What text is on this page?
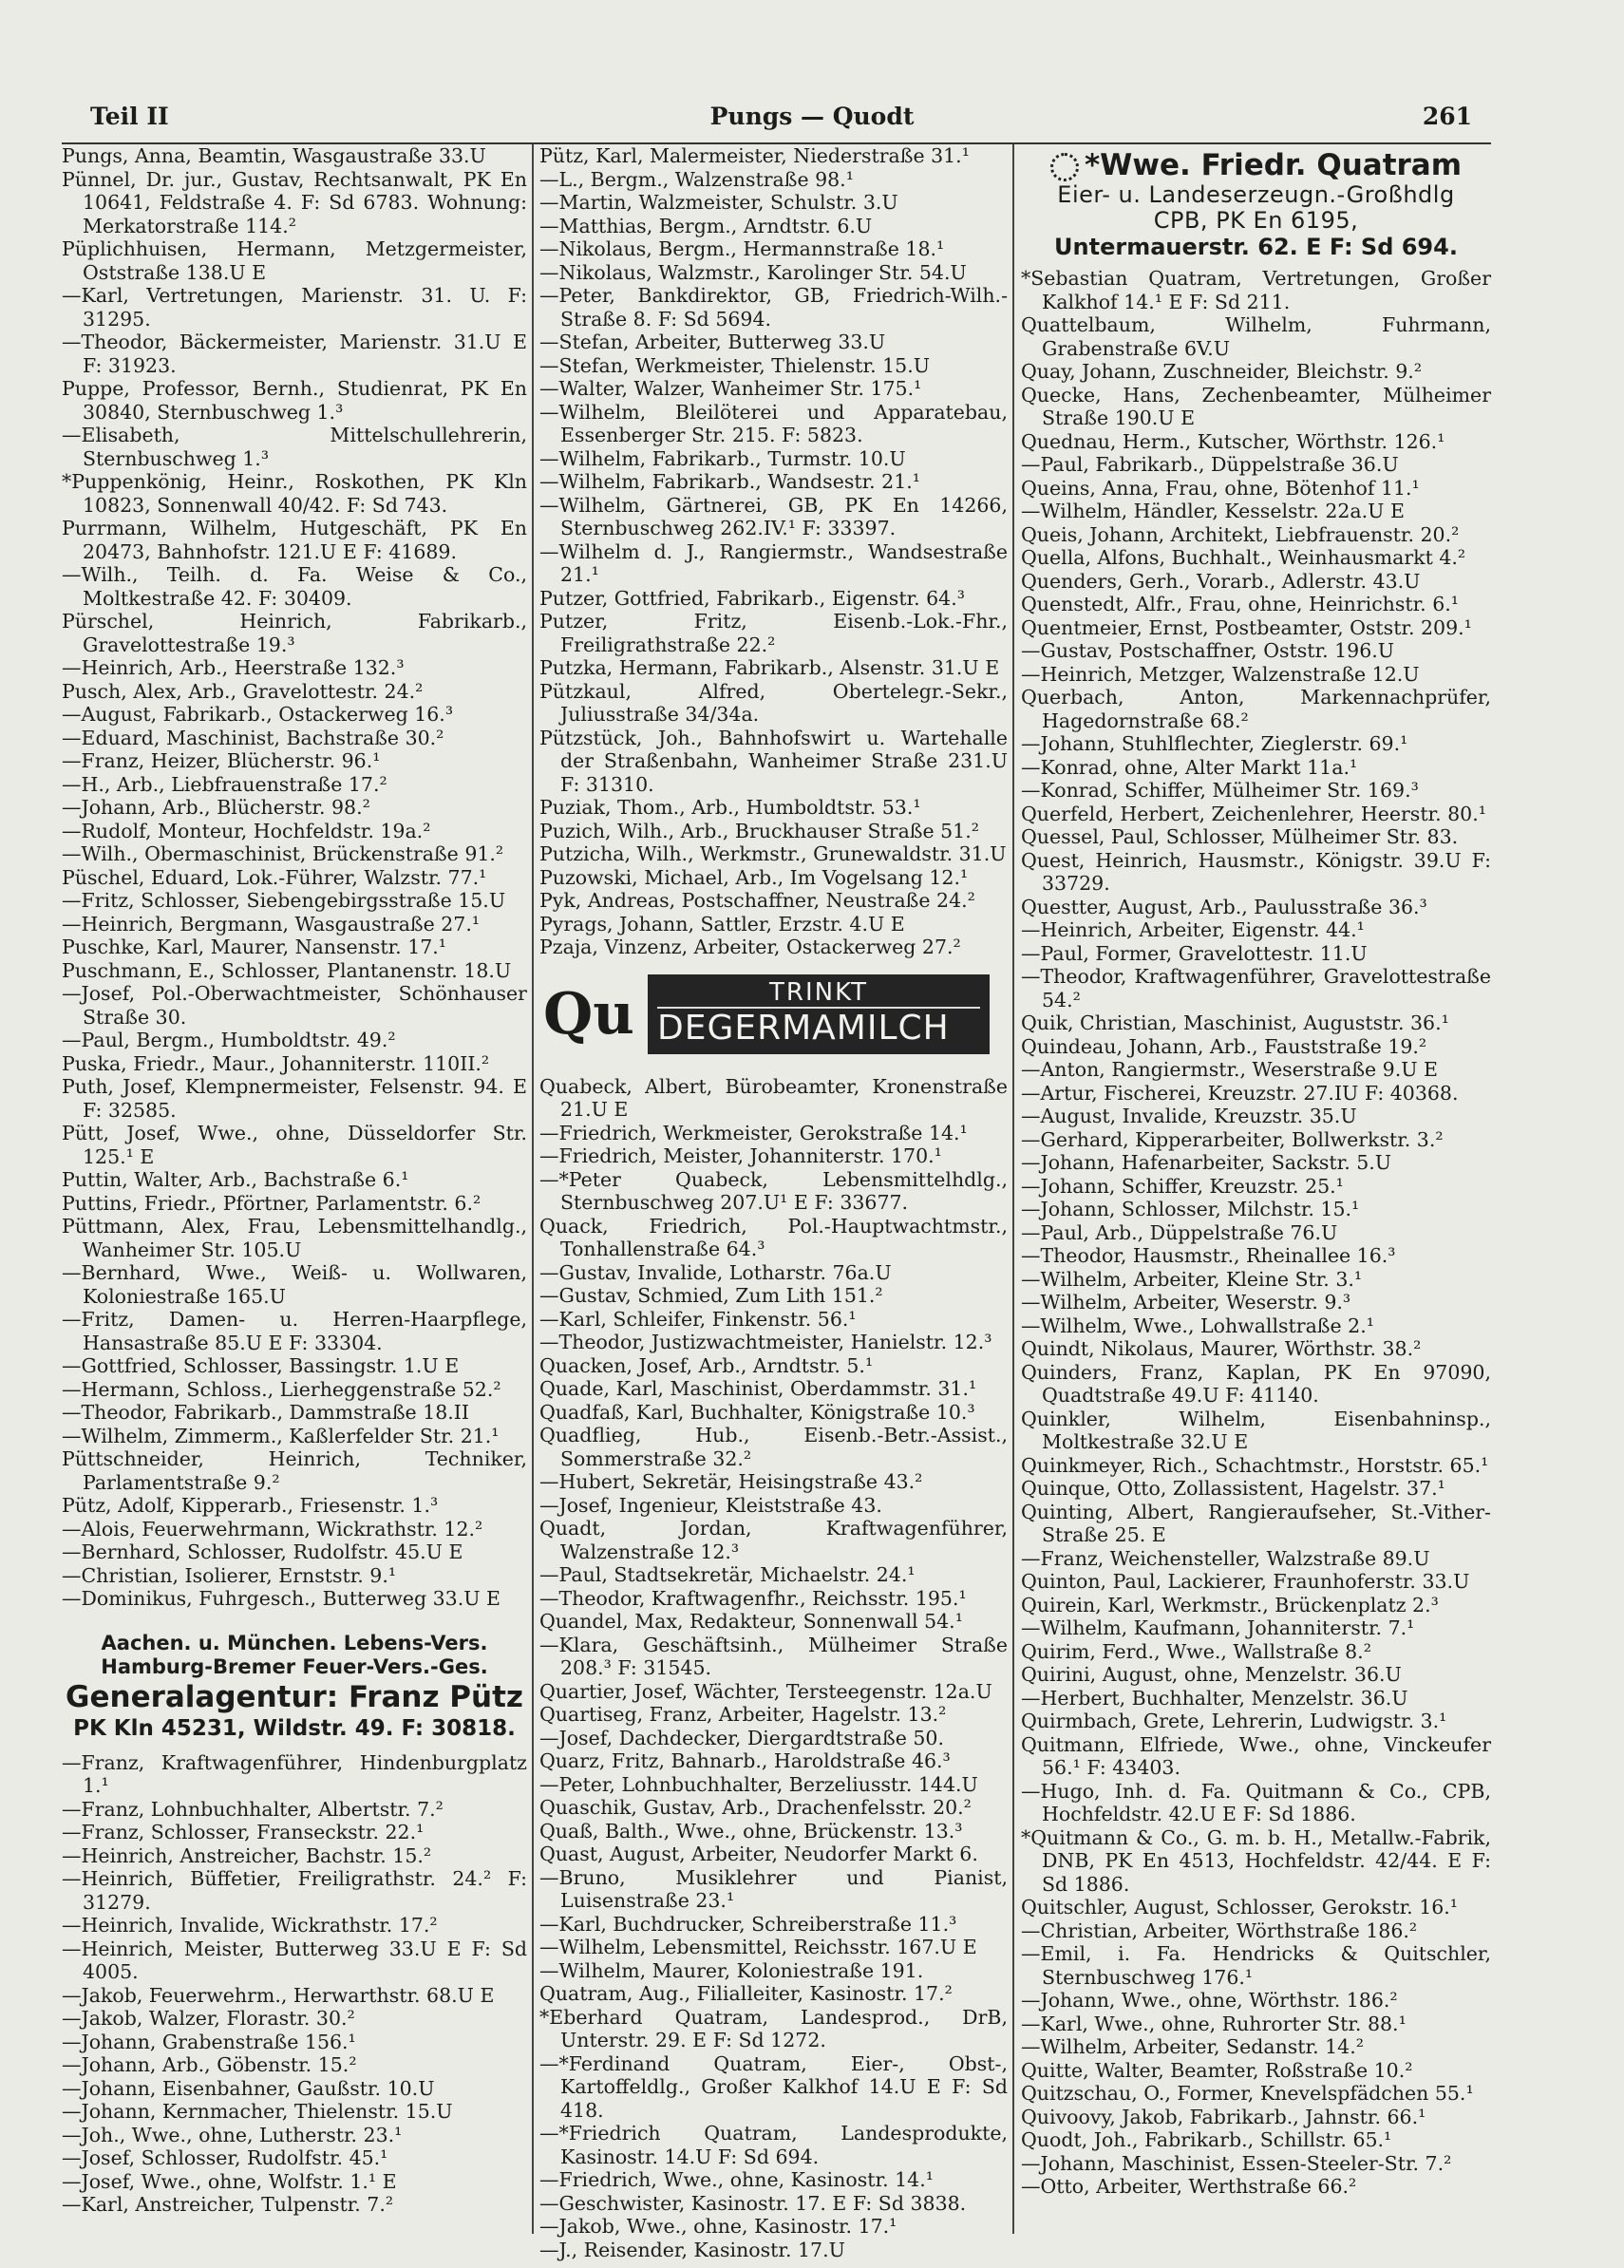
Teil II	Pungs — Quodt	261

Pungs, Anna, Beamtin, Wasgaustraße 33.U

Pünnel, Dr. jur., Gustav, Rechtsanwalt, PK En 10641, Feldstraße 4. F: Sd 6783. Wohnung: Merkatorstraße 114.²

Püplichhuisen, Hermann, Metzgermeister, Oststraße 138.U E

—Karl, Vertretungen, Marienstr. 31. U. F: 31295.

—Theodor, Bäckermeister, Marienstr. 31.U E F: 31923.

Puppe, Professor, Bernh., Studienrat, PK En 30840, Sternbuschweg 1.³

—Elisabeth, Mittelschullehrerin, Sternbuschweg 1.³

*Puppenkönig, Heinr., Roskothen, PK Kln 10823, Sonnenwall 40/42. F: Sd 743.

Purrmann, Wilhelm, Hutgeschäft, PK En 20473, Bahnhofstr. 121.U E F: 41689.

—Wilh., Teilh. d. Fa. Weise & Co., Moltkestraße 42. F: 30409.

Pürschel, Heinrich, Fabrikarb., Gravelottestraße 19.³

—Heinrich, Arb., Heerstraße 132.³

Pusch, Alex, Arb., Gravelottestr. 24.²

—August, Fabrikarb., Ostackerweg 16.³

—Eduard, Maschinist, Bachstraße 30.²

—Franz, Heizer, Blücherstr. 96.¹

—H., Arb., Liebfrauenstraße 17.²

—Johann, Arb., Blücherstr. 98.²

—Rudolf, Monteur, Hochfeldstr. 19a.²

—Wilh., Obermaschinist, Brückenstraße 91.²

Püschel, Eduard, Lok.-Führer, Walzstr. 77.¹

—Fritz, Schlosser, Siebengebirgsstraße 15.U

—Heinrich, Bergmann, Wasgaustraße 27.¹

Puschke, Karl, Maurer, Nansenstr. 17.¹

Puschmann, E., Schlosser, Plantanenstr. 18.U

—Josef, Pol.-Oberwachtmeister, Schönhauser Straße 30.

—Paul, Bergm., Humboldtstr. 49.²

Puska, Friedr., Maur., Johanniterstr. 110II.²

Puth, Josef, Klempnermeister, Felsenstr. 94. E F: 32585.

Pütt, Josef, Wwe., ohne, Düsseldorfer Str. 125.¹ E

Puttin, Walter, Arb., Bachstraße 6.¹

Puttins, Friedr., Pförtner, Parlamentstr. 6.²

Püttmann, Alex, Frau, Lebensmittelhandlg., Wanheimer Str. 105.U

—Bernhard, Wwe., Weiß- u. Wollwaren, Koloniestraße 165.U

—Fritz, Damen- u. Herren-Haarpflege, Hansastraße 85.U E F: 33304.

—Gottfried, Schlosser, Bassingstr. 1.U E

—Hermann, Schloss., Lierheggenstraße 52.²

—Theodor, Fabrikarb., Dammstraße 18.II

—Wilhelm, Zimmerm., Kaßlerfelder Str. 21.¹

Püttschneider, Heinrich, Techniker, Parlamentstraße 9.²

Pütz, Adolf, Kipperarb., Friesenstr. 1.³

—Alois, Feuerwehrmann, Wickrathstr. 12.²

—Bernhard, Schlosser, Rudolfstr. 45.U E

—Christian, Isolierer, Ernststr. 9.¹

—Dominikus, Fuhrgesch., Butterweg 33.U E

Aachen. u. München. Lebens-Vers.
Hamburg-Bremer Feuer-Vers.-Ges.
Generalagentur: Franz Pütz
PK Kln 45231, Wildstr. 49. F: 30818.

—Franz, Kraftwagenführer, Hindenburgplatz 1.¹

—Franz, Lohnbuchhalter, Albertstr. 7.²

—Franz, Schlosser, Franseckstr. 22.¹

—Heinrich, Anstreicher, Bachstr. 15.²

—Heinrich, Büffetier, Freiligrathstr. 24.² F: 31279.

—Heinrich, Invalide, Wickrathstr. 17.²

—Heinrich, Meister, Butterweg 33.U E F: Sd 4005.

—Jakob, Feuerwehrm., Herwarthstr. 68.U E

—Jakob, Walzer, Florastr. 30.²

—Johann, Grabenstraße 156.¹

—Johann, Arb., Göbenstr. 15.²

—Johann, Eisenbahner, Gaußstr. 10.U

—Johann, Kernmacher, Thielenstr. 15.U

—Joh., Wwe., ohne, Lutherstr. 23.¹

—Josef, Schlosser, Rudolfstr. 45.¹

—Josef, Wwe., ohne, Wolfstr. 1.¹ E

—Karl, Anstreicher, Tulpenstr. 7.²

Pütz, Karl, Malermeister, Niederstraße 31.¹

—L., Bergm., Walzenstraße 98.¹

—Martin, Walzmeister, Schulstr. 3.U

—Matthias, Bergm., Arndtstr. 6.U

—Nikolaus, Bergm., Hermannstraße 18.¹

—Nikolaus, Walzmstr., Karolinger Str. 54.U

—Peter, Bankdirektor, GB, Friedrich-Wilh.-Straße 8. F: Sd 5694.

—Stefan, Arbeiter, Butterweg 33.U

—Stefan, Werkmeister, Thielenstr. 15.U

—Walter, Walzer, Wanheimer Str. 175.¹

—Wilhelm, Bleilöterei und Apparatebau, Essenberger Str. 215. F: 5823.

—Wilhelm, Fabrikarb., Turmstr. 10.U

—Wilhelm, Fabrikarb., Wandsestr. 21.¹

—Wilhelm, Gärtnerei, GB, PK En 14266, Sternbuschweg 262.IV.¹ F: 33397.

—Wilhelm d. J., Rangiermstr., Wandsestraße 21.¹

Putzer, Gottfried, Fabrikarb., Eigenstr. 64.³

Putzer, Fritz, Eisenb.-Lok.-Fhr., Freiligrathstraße 22.²

Putzka, Hermann, Fabrikarb., Alsenstr. 31.U E

Pützkaul, Alfred, Obertelegr.-Sekr., Juliusstraße 34/34a.

Pützstück, Joh., Bahnhofswirt u. Wartehalle der Straßenbahn, Wanheimer Straße 231.U F: 31310.

Puziak, Thom., Arb., Humboldtstr. 53.¹

Puzich, Wilh., Arb., Bruckhauser Straße 51.²

Putzicha, Wilh., Werkmstr., Grunewaldstr. 31.U

Puzowski, Michael, Arb., Im Vogelsang 12.¹

Pyk, Andreas, Postschaffner, Neustraße 24.²

Pyrags, Johann, Sattler, Erzstr. 4.U E

Pzaja, Vinzenz, Arbeiter, Ostackerweg 27.²

Qu	TRINKT
DEGERMAMILCH

Quabeck, Albert, Bürobeamter, Kronenstraße 21.U E

—Friedrich, Werkmeister, Gerokstraße 14.¹

—Friedrich, Meister, Johanniterstr. 170.¹

—*Peter Quabeck, Lebensmittelhdlg., Sternbuschweg 207.U¹ E F: 33677.

Quack, Friedrich, Pol.-Hauptwachtmstr., Tonhallenstraße 64.³

—Gustav, Invalide, Lotharstr. 76a.U

—Gustav, Schmied, Zum Lith 151.²

—Karl, Schleifer, Finkenstr. 56.¹

—Theodor, Justizwachtmeister, Hanielstr. 12.³

Quacken, Josef, Arb., Arndtstr. 5.¹

Quade, Karl, Maschinist, Oberdammstr. 31.¹

Quadfaß, Karl, Buchhalter, Königstraße 10.³

Quadflieg, Hub., Eisenb.-Betr.-Assist., Sommerstraße 32.²

—Hubert, Sekretär, Heisingstraße 43.²

—Josef, Ingenieur, Kleiststraße 43.

Quadt, Jordan, Kraftwagenführer, Walzenstraße 12.³

—Paul, Stadtsekretär, Michaelstr. 24.¹

—Theodor, Kraftwagenfhr., Reichsstr. 195.¹

Quandel, Max, Redakteur, Sonnenwall 54.¹

—Klara, Geschäftsinh., Mülheimer Straße 208.³ F: 31545.

Quartier, Josef, Wächter, Tersteegenstr. 12a.U

Quartiseg, Franz, Arbeiter, Hagelstr. 13.²

—Josef, Dachdecker, Diergardtstraße 50.

Quarz, Fritz, Bahnarb., Haroldstraße 46.³

—Peter, Lohnbuchhalter, Berzeliusstr. 144.U

Quaschik, Gustav, Arb., Drachenfelsstr. 20.²

Quaß, Balth., Wwe., ohne, Brückenstr. 13.³

Quast, August, Arbeiter, Neudorfer Markt 6.

—Bruno, Musiklehrer und Pianist, Luisenstraße 23.¹

—Karl, Buchdrucker, Schreiberstraße 11.³

—Wilhelm, Lebensmittel, Reichsstr. 167.U E

—Wilhelm, Maurer, Koloniestraße 191.

Quatram, Aug., Filialleiter, Kasinostr. 17.²

*Eberhard Quatram, Landesprod., DrB, Unterstr. 29. E F: Sd 1272.

—*Ferdinand Quatram, Eier-, Obst-, Kartoffeldlg., Großer Kalkhof 14.U E F: Sd 418.

—*Friedrich Quatram, Landesprodukte, Kasinostr. 14.U F: Sd 694.

—Friedrich, Wwe., ohne, Kasinostr. 14.¹

—Geschwister, Kasinostr. 17. E F: Sd 3838.

—Jakob, Wwe., ohne, Kasinostr. 17.¹

—J., Reisender, Kasinostr. 17.U

*Wwe. Friedr. Quatram
Eier- u. Landeserzeugn.-Großhdlg
CPB, PK En 6195,
Untermauerstr. 62. E F: Sd 694.

*Sebastian Quatram, Vertretungen, Großer Kalkhof 14.¹ E F: Sd 211.

Quattelbaum, Wilhelm, Fuhrmann, Grabenstraße 6V.U

Quay, Johann, Zuschneider, Bleichstr. 9.²

Quecke, Hans, Zechenbeamter, Mülheimer Straße 190.U E

Quednau, Herm., Kutscher, Wörthstr. 126.¹

—Paul, Fabrikarb., Düppelstraße 36.U

Queins, Anna, Frau, ohne, Bötenhof 11.¹

—Wilhelm, Händler, Kesselstr. 22a.U E

Queis, Johann, Architekt, Liebfrauenstr. 20.²

Quella, Alfons, Buchhalt., Weinhausmarkt 4.²

Quenders, Gerh., Vorarb., Adlerstr. 43.U

Quenstedt, Alfr., Frau, ohne, Heinrichstr. 6.¹

Quentmeier, Ernst, Postbeamter, Oststr. 209.¹

—Gustav, Postschaffner, Oststr. 196.U

—Heinrich, Metzger, Walzenstraße 12.U

Querbach, Anton, Markennachprüfer, Hagedornstraße 68.²

—Johann, Stuhlflechter, Zieglerstr. 69.¹

—Konrad, ohne, Alter Markt 11a.¹

—Konrad, Schiffer, Mülheimer Str. 169.³

Querfeld, Herbert, Zeichenlehrer, Heerstr. 80.¹

Quessel, Paul, Schlosser, Mülheimer Str. 83.

Quest, Heinrich, Hausmstr., Königstr. 39.U F: 33729.

Questter, August, Arb., Paulusstraße 36.³

—Heinrich, Arbeiter, Eigenstr. 44.¹

—Paul, Former, Gravelottestr. 11.U

—Theodor, Kraftwagenführer, Gravelottestraße 54.²

Quik, Christian, Maschinist, Auguststr. 36.¹

Quindeau, Johann, Arb., Fauststraße 19.²

—Anton, Rangiermstr., Weserstraße 9.U E

—Artur, Fischerei, Kreuzstr. 27.IU F: 40368.

—August, Invalide, Kreuzstr. 35.U

—Gerhard, Kipperarbeiter, Bollwerkstr. 3.²

—Johann, Hafenarbeiter, Sackstr. 5.U

—Johann, Schiffer, Kreuzstr. 25.¹

—Johann, Schlosser, Milchstr. 15.¹

—Paul, Arb., Düppelstraße 76.U

—Theodor, Hausmstr., Rheinallee 16.³

—Wilhelm, Arbeiter, Kleine Str. 3.¹

—Wilhelm, Arbeiter, Weserstr. 9.³

—Wilhelm, Wwe., Lohwallstraße 2.¹

Quindt, Nikolaus, Maurer, Wörthstr. 38.²

Quinders, Franz, Kaplan, PK En 97090, Quadtstraße 49.U F: 41140.

Quinkler, Wilhelm, Eisenbahninsp., Moltkestraße 32.U E

Quinkmeyer, Rich., Schachtmstr., Horststr. 65.¹

Quinque, Otto, Zollassistent, Hagelstr. 37.¹

Quinting, Albert, Rangieraufseher, St.-Vither-Straße 25. E

—Franz, Weichensteller, Walzstraße 89.U

Quinton, Paul, Lackierer, Fraunhoferstr. 33.U

Quirein, Karl, Werkmstr., Brückenplatz 2.³

—Wilhelm, Kaufmann, Johanniterstr. 7.¹

Quirim, Ferd., Wwe., Wallstraße 8.²

Quirini, August, ohne, Menzelstr. 36.U

—Herbert, Buchhalter, Menzelstr. 36.U

Quirmbach, Grete, Lehrerin, Ludwigstr. 3.¹

Quitmann, Elfriede, Wwe., ohne, Vinckeufer 56.¹ F: 43403.

—Hugo, Inh. d. Fa. Quitmann & Co., CPB, Hochfeldstr. 42.U E F: Sd 1886.

*Quitmann & Co., G. m. b. H., Metallw.-Fabrik, DNB, PK En 4513, Hochfeldstr. 42/44. E F: Sd 1886.

Quitschler, August, Schlosser, Gerokstr. 16.¹

—Christian, Arbeiter, Wörthstraße 186.²

—Emil, i. Fa. Hendricks & Quitschler, Sternbuschweg 176.¹

—Johann, Wwe., ohne, Wörthstr. 186.²

—Karl, Wwe., ohne, Ruhrorter Str. 88.¹

—Wilhelm, Arbeiter, Sedanstr. 14.²

Quitte, Walter, Beamter, Roßstraße 10.²

Quitzschau, O., Former, Knevelspfädchen 55.¹

Quivoovy, Jakob, Fabrikarb., Jahnstr. 66.¹

Quodt, Joh., Fabrikarb., Schillstr. 65.¹

—Johann, Maschinist, Essen-Steeler-Str. 7.²

—Otto, Arbeiter, Werthstraße 66.²
